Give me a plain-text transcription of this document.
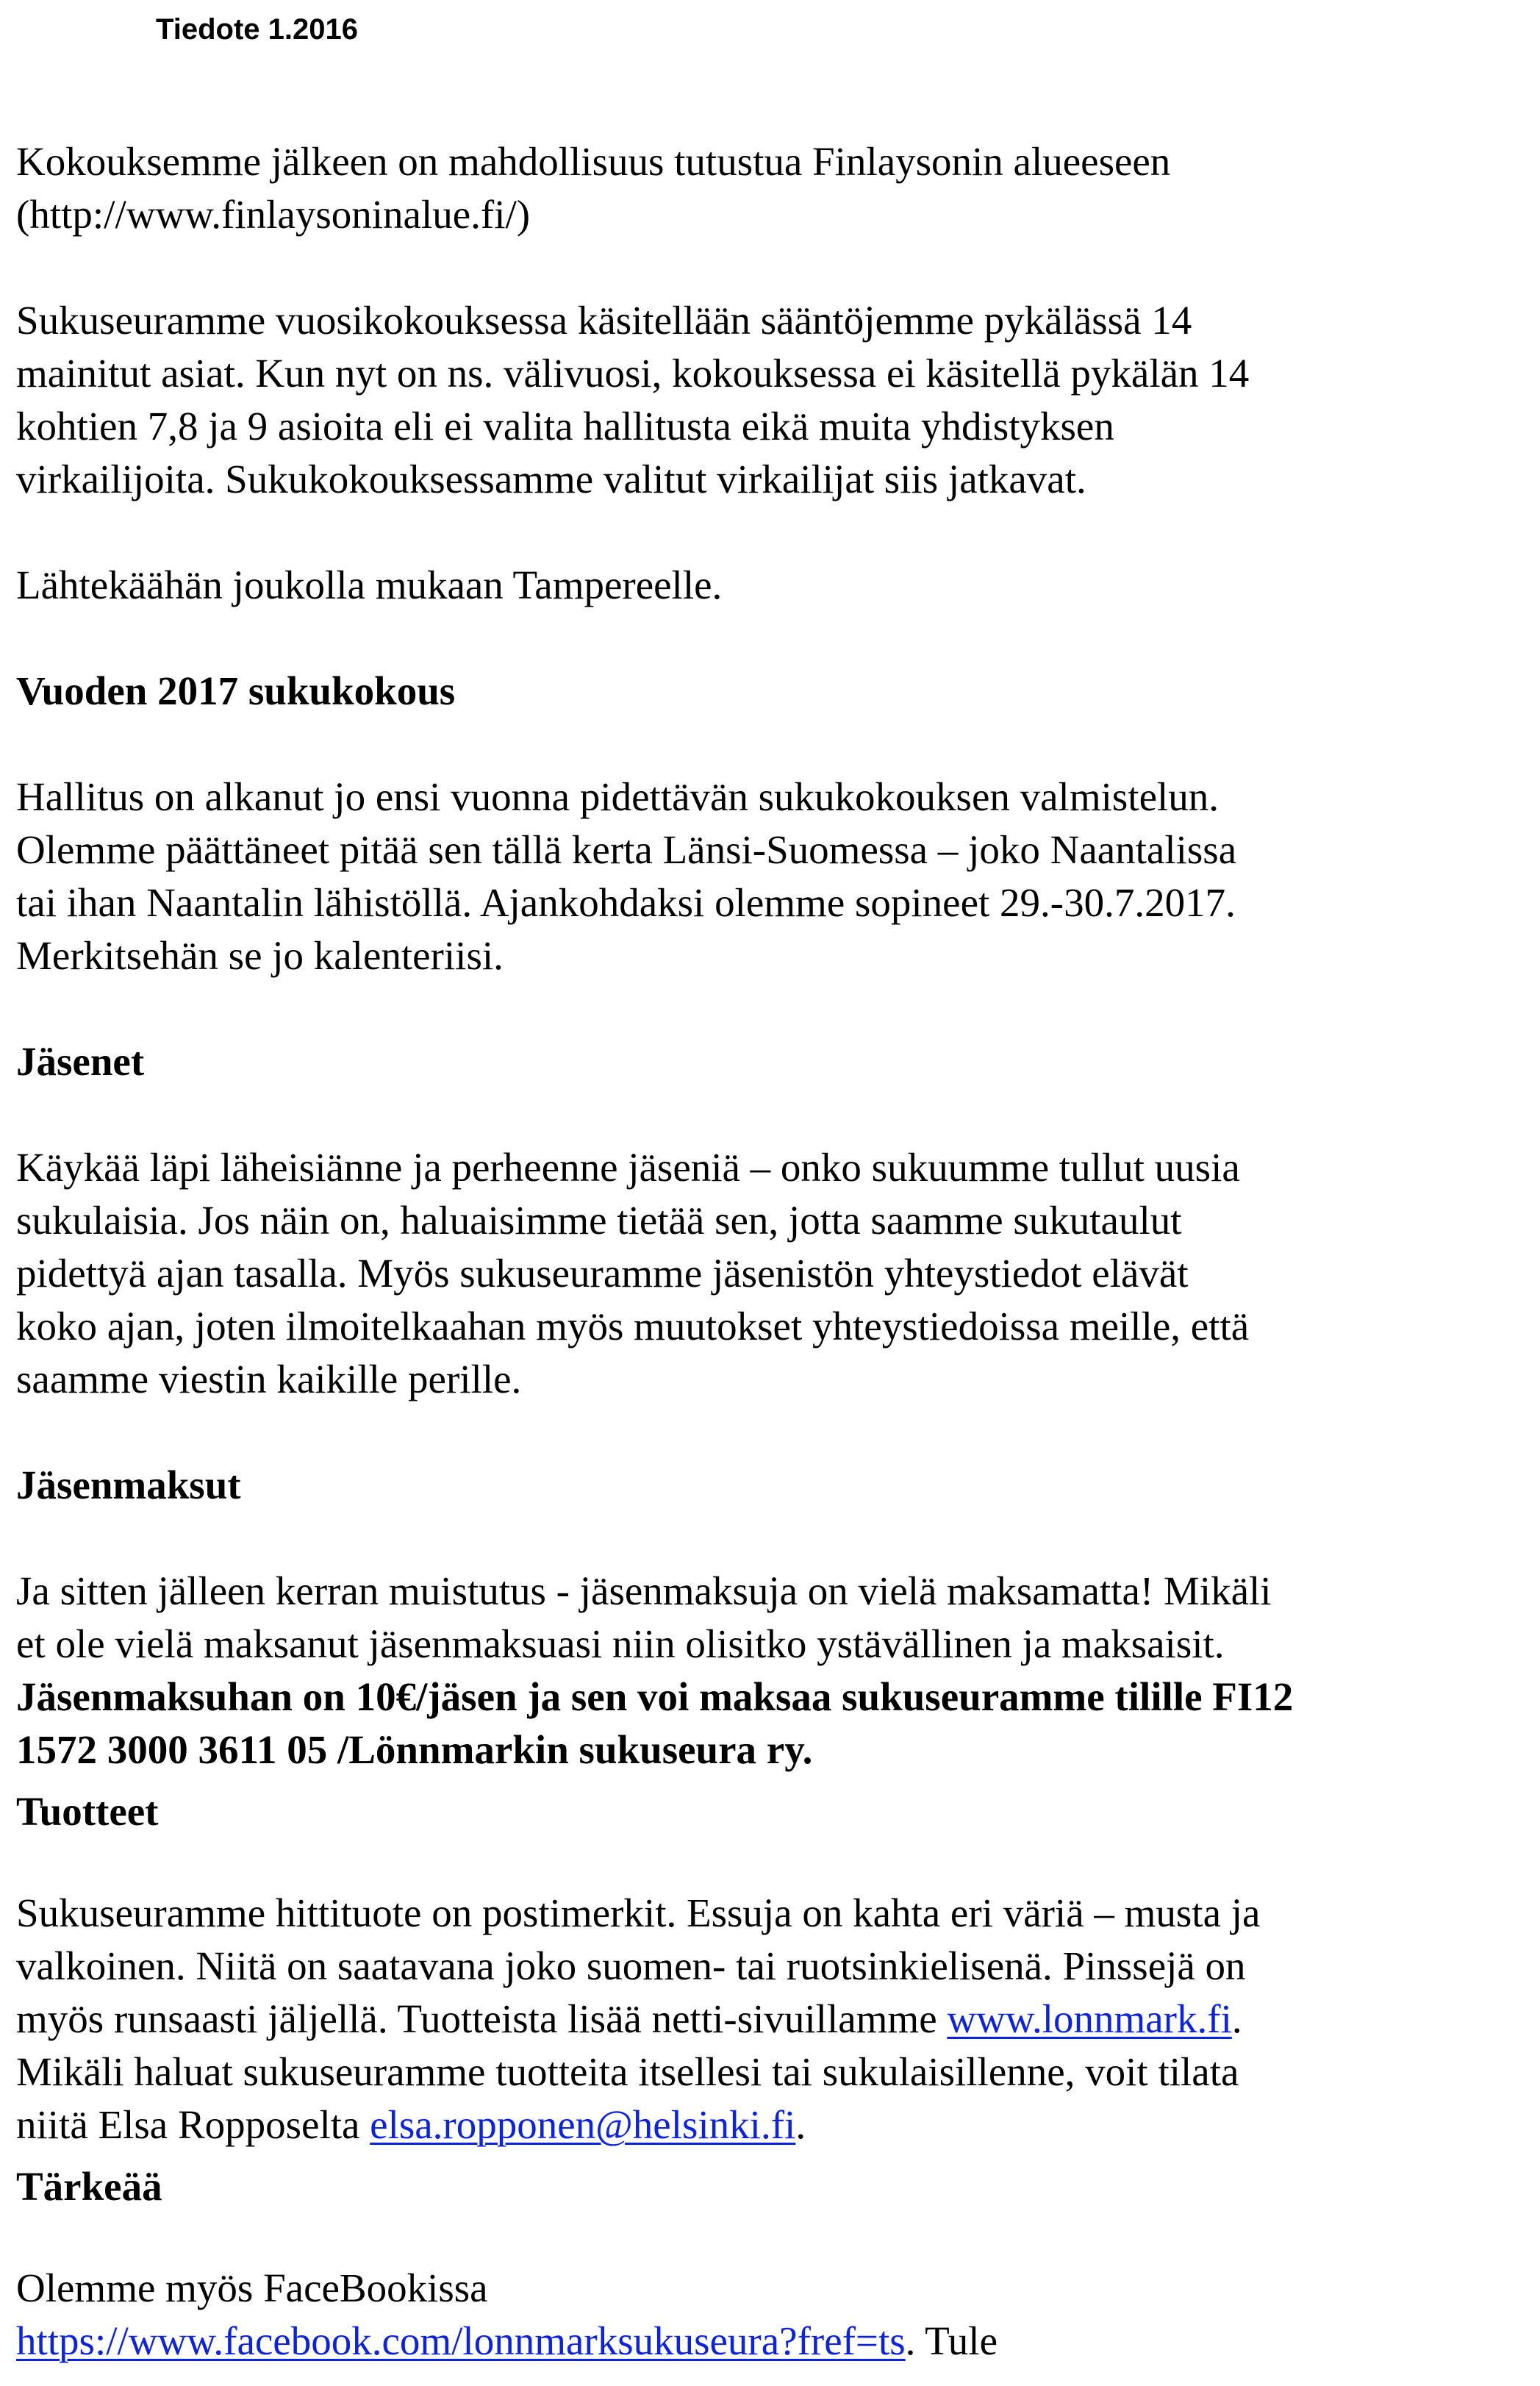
Tiedote 1.2016
Kokouksemme jälkeen on mahdollisuus tutustua Finlaysonin alueeseen
(http://www.finlaysoninalue.fi/)
Sukuseuramme vuosikokouksessa käsitellään sääntöjemme pykälässä 14
mainitut asiat. Kun nyt on ns. välivuosi, kokouksessa ei käsitellä pykälän 14
kohtien 7,8 ja 9 asioita eli ei valita hallitusta eikä muita yhdistyksen
virkailijoita. Sukukokouksessamme valitut virkailijat siis jatkavat.
Lähtekäähän joukolla mukaan Tampereelle.
Vuoden 2017 sukukokous
Hallitus on alkanut jo ensi vuonna pidettävän sukukokouksen valmistelun.
Olemme päättäneet pitää sen tällä kerta Länsi-Suomessa – joko Naantalissa
tai ihan Naantalin lähistöllä. Ajankohdaksi olemme sopineet 29.-30.7.2017.
Merkitsehän se jo kalenteriisi.
Jäsenet
Käykää läpi läheisiänne ja perheenne jäseniä – onko sukuumme tullut uusia
sukulaisia. Jos näin on, haluaisimme tietää sen, jotta saamme sukutaulut
pidettyä ajan tasalla. Myös sukuseuramme jäsenistön yhteystiedot elävät
koko ajan, joten ilmoitelkaahan myös muutokset yhteystiedoissa meille, että
saamme viestin kaikille perille.
Jäsenmaksut
Ja sitten jälleen kerran muistutus - jäsenmaksuja on vielä maksamatta! Mikäli
et ole vielä maksanut jäsenmaksuasi niin olisitko ystävällinen ja maksaisit.
Jäsenmaksuhan on 10€/jäsen ja sen voi maksaa sukuseuramme tilille FI12
1572 3000 3611 05 /Lönnmarkin sukuseura ry.
Tuotteet
Sukuseuramme hittituote on postimerkit. Essuja on kahta eri väriä – musta ja
valkoinen. Niitä on saatavana joko suomen- tai ruotsinkielisenä. Pinssejä on
myös runsaasti jäljellä. Tuotteista lisää netti-sivuillamme www.lonnmark.fi.
Mikäli haluat sukuseuramme tuotteita itsellesi tai sukulaisillenne, voit tilata
niitä Elsa Ropposelta elsa.ropponen@helsinki.fi.
Tärkeää
Olemme myös FaceBookissa
https://www.facebook.com/lonnmarksukuseura?fref=ts. Tule
